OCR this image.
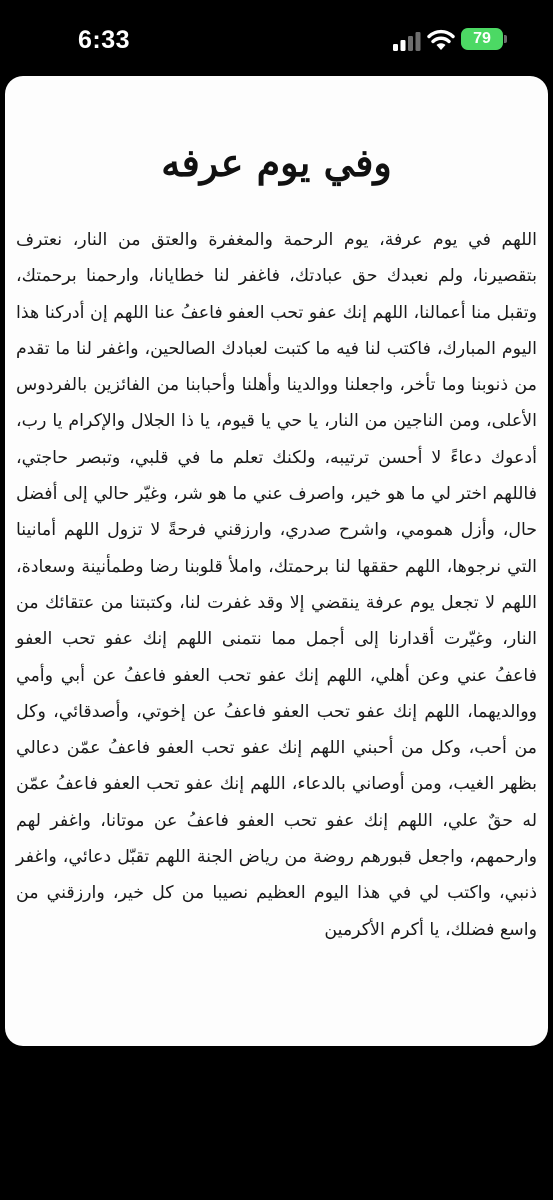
6:33	79
وفي يوم عرفه

اللهم في يوم عرفة، يوم الرحمة والمغفرة والعتق من النار، نعترف بتقصيرنا، ولم نعبدك حق عبادتك، فاغفر لنا خطايانا، وارحمنا برحمتك، وتقبل منا أعمالنا، اللهم إنك عفو تحب العفو فاعفُ عنا اللهم إن أدركنا هذا اليوم المبارك، فاكتب لنا فيه ما كتبت لعبادك الصالحين، واغفر لنا ما تقدم من ذنوبنا وما تأخر، واجعلنا ووالدينا وأهلنا وأحبابنا من الفائزين بالفردوس الأعلى، ومن الناجين من النار، يا حي يا قيوم، يا ذا الجلال والإكرام يا رب، أدعوك دعاءً لا أحسن ترتيبه، ولكنك تعلم ما في قلبي، وتبصر حاجتي، فاللهم اختر لي ما هو خير، واصرف عني ما هو شر، وغيّر حالي إلى أفضل حال، وأزل همومي، واشرح صدري، وارزقني فرحةً لا تزول اللهم أمانينا التي نرجوها، اللهم حققها لنا برحمتك، واملأ قلوبنا رضا وطمأنينة وسعادة، اللهم لا تجعل يوم عرفة ينقضي إلا وقد غفرت لنا، وكتبتنا من عتقائك من النار، وغيّرت أقدارنا إلى أجمل مما نتمنى اللهم إنك عفو تحب العفو فاعفُ عني وعن أهلي، اللهم إنك عفو تحب العفو فاعفُ عن أبي وأمي ووالديهما، اللهم إنك عفو تحب العفو فاعفُ عن إخوتي، وأصدقائي، وكل من أحب، وكل من أحبني اللهم إنك عفو تحب العفو فاعفُ عمّن دعالي بظهر الغيب، ومن أوصاني بالدعاء، اللهم إنك عفو تحب العفو فاعفُ عمّن له حقٌ علي، اللهم إنك عفو تحب العفو فاعفُ عن موتانا، واغفر لهم وارحمهم، واجعل قبورهم روضة من رياض الجنة اللهم تقبّل دعائي، واغفر ذنبي، واكتب لي في هذا اليوم العظيم نصيبا من كل خير، وارزقني من واسع فضلك، يا أكرم الأكرمين
